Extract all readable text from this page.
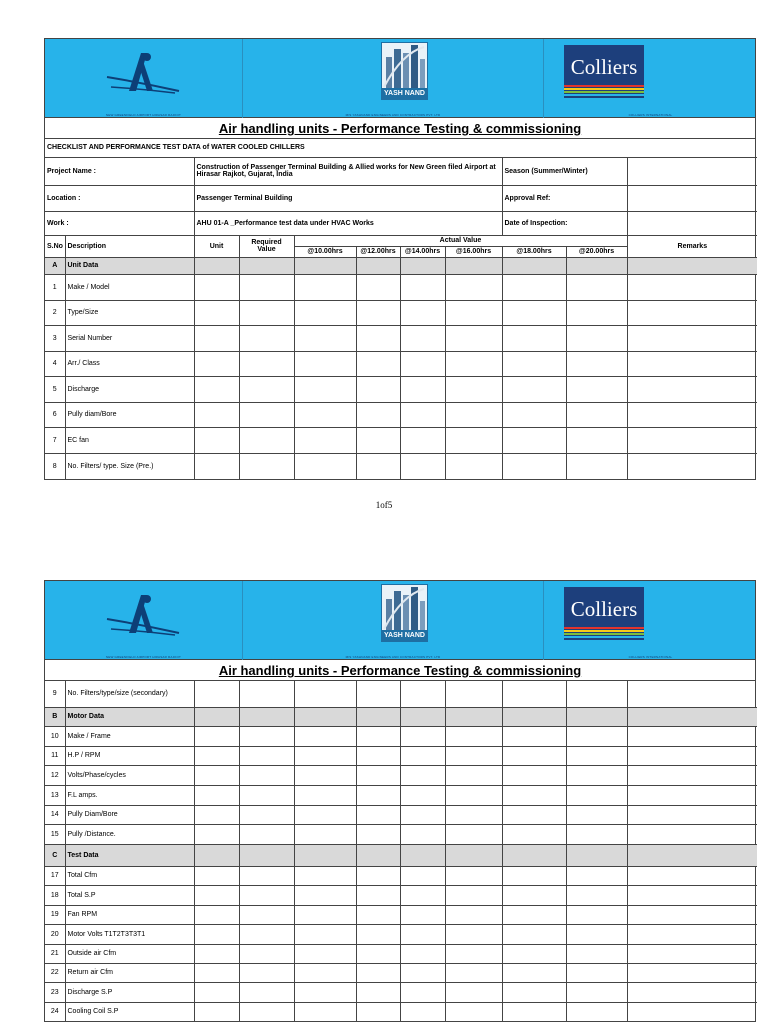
NEW GREENFIELD AIRPORT HIRASAR RAJKOT
YASH NAND
M/S YASHNAND ENGINEERS AND CONTRACTORS PVT. LTD
Colliers
COLLIERS INTERNATIONAL
Air handling units - Performance Testing & commissioning
CHECKLIST AND PERFORMANCE TEST DATA of WATER COOLED CHILLERS										
Project Name :		Construction of Passenger Terminal Building & Allied works for New Green filed Airport at Hirasar Rajkot, Gujarat, India						Season (Summer/Winter)		
Location :		Passenger Terminal Building						Approval Ref:		
Work :		AHU 01-A _Performance test data under HVAC Works						Date of Inspection:		
S.No	Description	Unit	Required Value	Actual Value						Remarks
				@10.00hrs	@12.00hrs	@14.00hrs	@16.00hrs	@18.00hrs	@20.00hrs	
A	Unit Data									
1	Make / Model									
2	Type/Size									
3	Serial Number									
4	Arr./ Class									
5	Discharge									
6	Pully diam/Bore									
7	EC fan									
8	No. Filters/ type. Size (Pre.)									
1of5
NEW GREENFIELD AIRPORT HIRASAR RAJKOT
YASH NAND
M/S YASHNAND ENGINEERS AND CONTRACTORS PVT. LTD
Colliers
COLLIERS INTERNATIONAL
Air handling units - Performance Testing & commissioning
9	No. Filters/type/size (secondary)									
B	Motor Data									
10	Make / Frame									
11	H.P / RPM									
12	Volts/Phase/cycles									
13	F.L amps.									
14	Pully Diam/Bore									
15	Pully /Distance.									
C	Test Data									
17	Total Cfm									
18	Total S.P									
19	Fan RPM									
20	Motor Volts T1T2T3T3T1									
21	Outside air Cfm									
22	Return air Cfm									
23	Discharge S.P									
24	Cooling Coil S.P									
